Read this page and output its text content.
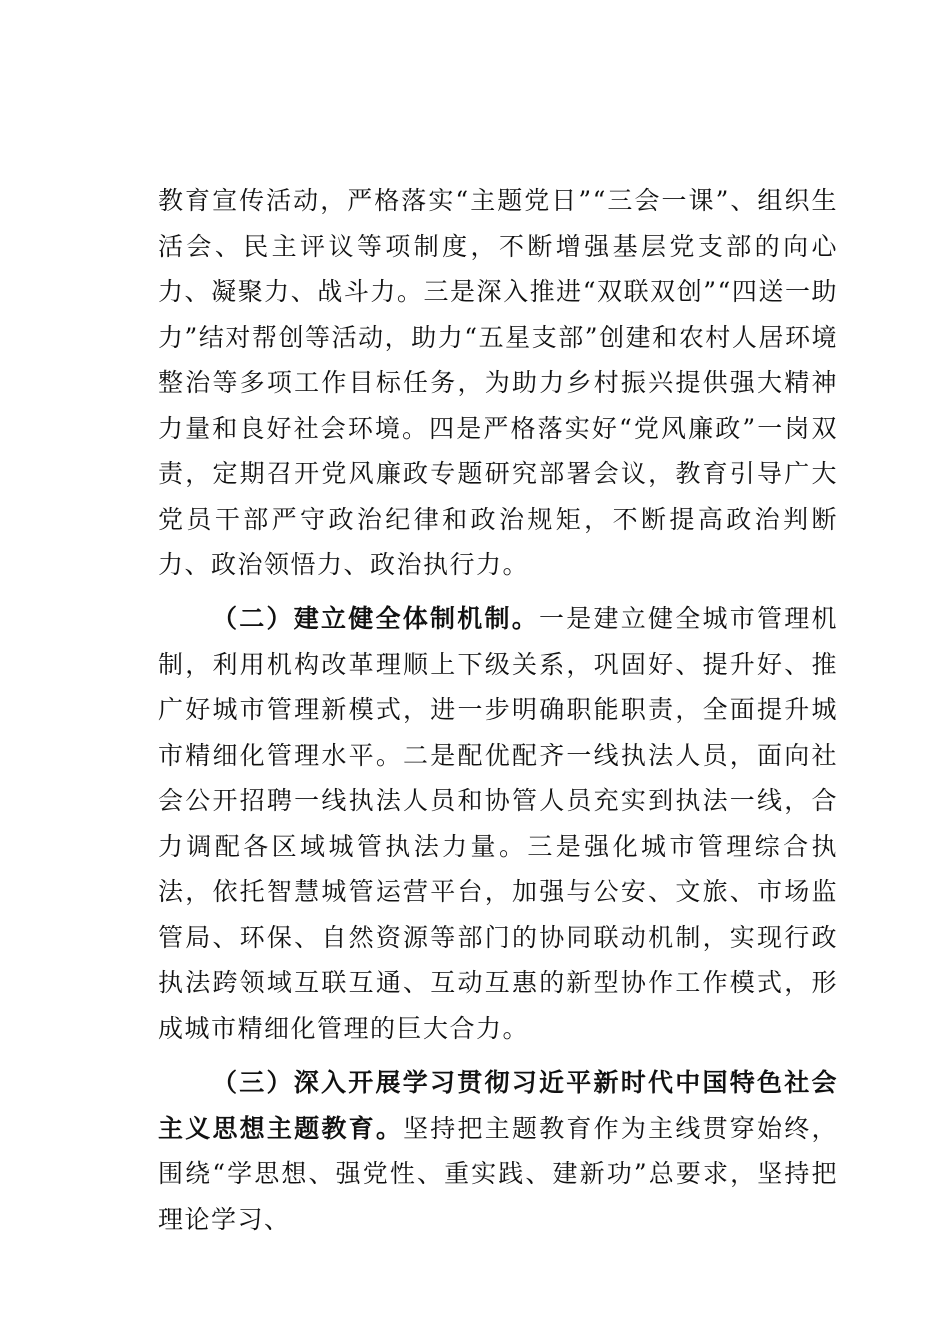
教育宣传活动，严格落实“主题党日”“三会一课”、组织生活会、民主评议等项制度，不断增强基层党支部的向心力、凝聚力、战斗力。三是深入推进“双联双创”“四送一助力”结对帮创等活动，助力“五星支部”创建和农村人居环境整治等多项工作目标任务，为助力乡村振兴提供强大精神力量和良好社会环境。四是严格落实好“党风廉政”一岗双责，定期召开党风廉政专题研究部署会议，教育引导广大党员干部严守政治纪律和政治规矩，不断提高政治判断力、政治领悟力、政治执行力。

（二）建立健全体制机制。一是建立健全城市管理机制，利用机构改革理顺上下级关系，巩固好、提升好、推广好城市管理新模式，进一步明确职能职责，全面提升城市精细化管理水平。二是配优配齐一线执法人员，面向社会公开招聘一线执法人员和协管人员充实到执法一线，合力调配各区域城管执法力量。三是强化城市管理综合执法，依托智慧城管运营平台，加强与公安、文旅、市场监管局、环保、自然资源等部门的协同联动机制，实现行政执法跨领域互联互通、互动互惠的新型协作工作模式，形成城市精细化管理的巨大合力。

（三）深入开展学习贯彻习近平新时代中国特色社会主义思想主题教育。坚持把主题教育作为主线贯穿始终，围绕“学思想、强党性、重实践、建新功”总要求，坚持把理论学习、
